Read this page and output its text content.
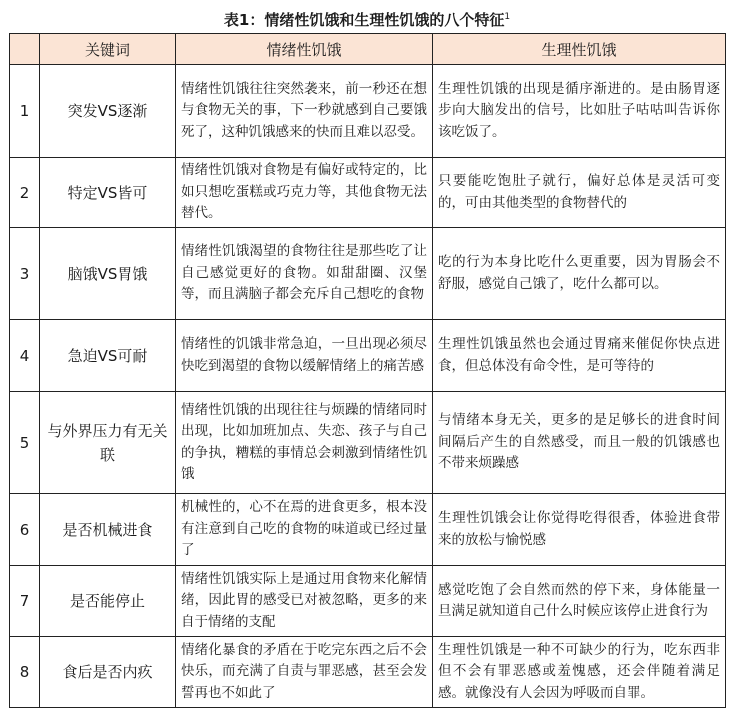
表1：情绪性饥饿和生理性饥饿的八个特征$^1$
	关键词	情绪性饥饿	生理性饥饿
1	突发VS逐渐	情绪性饥饿往往突然袭来，前一秒还在想与食物无关的事，下一秒就感到自己要饿死了，这种饥饿感来的快而且难以忍受。	生理性饥饿的出现是循序渐进的。是由肠胃逐步向大脑发出的信号，比如肚子咕咕叫告诉你该吃饭了。
2	特定VS皆可	情绪性饥饿对食物是有偏好或特定的，比如只想吃蛋糕或巧克力等，其他食物无法替代。	只要能吃饱肚子就行，偏好总体是灵活可变的，可由其他类型的食物替代的
3	脑饿VS胃饿	情绪性饥饿渴望的食物往往是那些吃了让自己感觉更好的食物。如甜甜圈、汉堡等，而且满脑子都会充斥自己想吃的食物	吃的行为本身比吃什么更重要，因为胃肠会不舒服，感觉自己饿了，吃什么都可以。
4	急迫VS可耐	情绪性的饥饿非常急迫，一旦出现必须尽快吃到渴望的食物以缓解情绪上的痛苦感	生理性饥饿虽然也会通过胃痛来催促你快点进食，但总体没有命令性，是可等待的
5	与外界压力有无关联	情绪性饥饿的出现往往与烦躁的情绪同时出现，比如加班加点、失恋、孩子与自己的争执，糟糕的事情总会刺激到情绪性饥饿	与情绪本身无关，更多的是足够长的进食时间间隔后产生的自然感受，而且一般的饥饿感也不带来烦躁感
6	是否机械进食	机械性的，心不在焉的进食更多，根本没有注意到自己吃的食物的味道或已经过量了	生理性饥饿会让你觉得吃得很香，体验进食带来的放松与愉悦感
7	是否能停止	情绪性饥饿实际上是通过用食物来化解情绪，因此胃的感受已对被忽略，更多的来自于情绪的支配	感觉吃饱了会自然而然的停下来，身体能量一旦满足就知道自己什么时候应该停止进食行为
8	食后是否内疚	情绪化暴食的矛盾在于吃完东西之后不会快乐，而充满了自责与罪恶感，甚至会发誓再也不如此了	生理性饥饿是一种不可缺少的行为，吃东西非但不会有罪恶感或羞愧感，还会伴随着满足感。就像没有人会因为呼吸而自罪。
